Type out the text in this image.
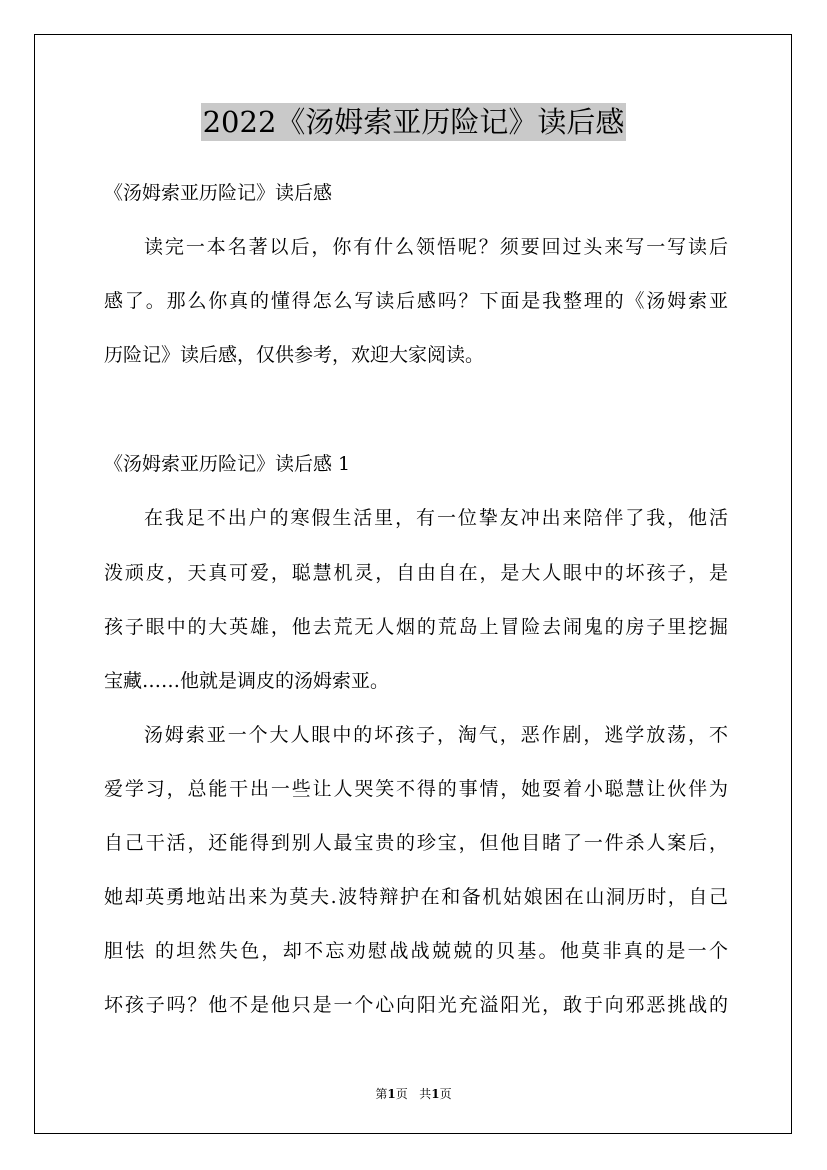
2022《汤姆索亚历险记》读后感
《汤姆索亚历险记》读后感
读完一本名著以后，你有什么领悟呢？须要回过头来写一写读后
感了。那么你真的懂得怎么写读后感吗？下面是我整理的《汤姆索亚
历险记》读后感，仅供参考，欢迎大家阅读。
《汤姆索亚历险记》读后感 1
在我足不出户的寒假生活里，有一位挚友冲出来陪伴了我，他活
泼顽皮，天真可爱，聪慧机灵，自由自在，是大人眼中的坏孩子，是
孩子眼中的大英雄，他去荒无人烟的荒岛上冒险去闹鬼的房子里挖掘
宝藏……他就是调皮的汤姆索亚。
汤姆索亚一个大人眼中的坏孩子，淘气，恶作剧，逃学放荡，不
爱学习，总能干出一些让人哭笑不得的事情，她耍着小聪慧让伙伴为
自己干活，还能得到别人最宝贵的珍宝，但他目睹了一件杀人案后，
她却英勇地站出来为莫夫.波特辩护在和备机姑娘困在山洞历时，自己
胆怯 的坦然失色，却不忘劝慰战战兢兢的贝基。他莫非真的是一个
坏孩子吗？他不是他只是一个心向阳光充溢阳光，敢于向邪恶挑战的
第1页 共1页
